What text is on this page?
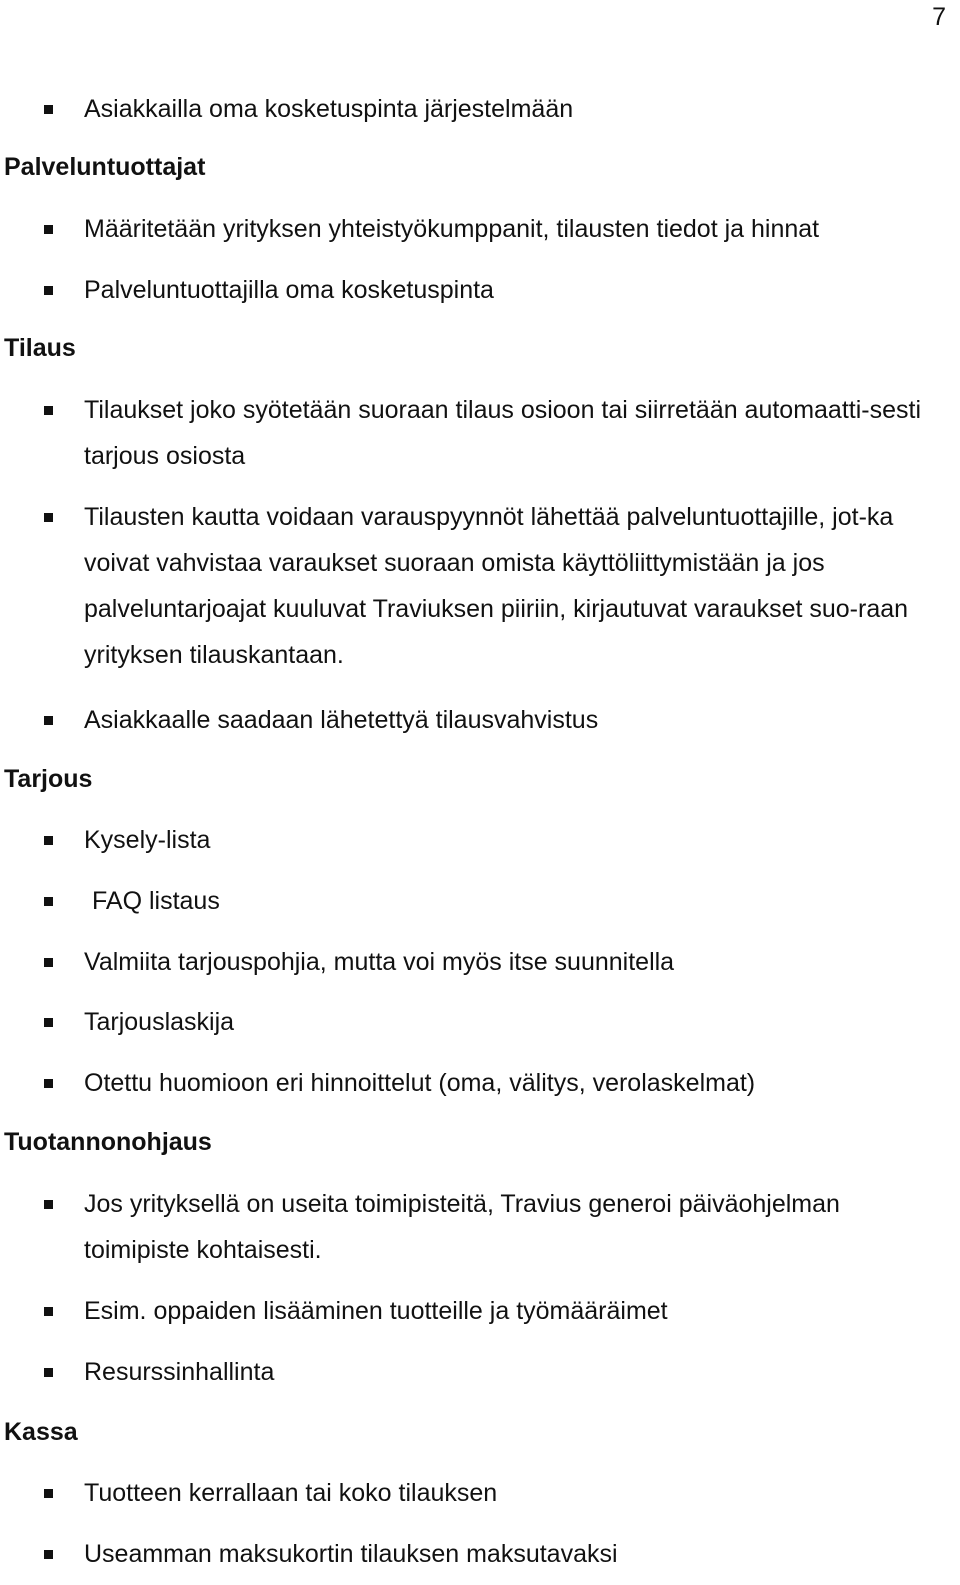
7
Asiakkailla oma kosketuspinta järjestelmään
Palveluntuottajat
Määritetään yrityksen yhteistyökumppanit, tilausten tiedot ja hinnat
Palveluntuottajilla oma kosketuspinta
Tilaus
Tilaukset joko syötetään suoraan tilaus osioon tai siirretään automaatti-sesti tarjous osiosta
Tilausten kautta voidaan varauspyynnöt lähettää palveluntuottajille, jot-ka voivat vahvistaa varaukset suoraan omista käyttöliittymistään ja jos palveluntarjoajat kuuluvat Traviuksen piiriin, kirjautuvat varaukset suo-raan yrityksen tilauskantaan.
Asiakkaalle saadaan lähetettyä tilausvahvistus
Tarjous
Kysely-lista
FAQ listaus
Valmiita tarjouspohjia, mutta voi myös itse suunnitella
Tarjouslaskija
Otettu huomioon eri hinnoittelut (oma, välitys, verolaskelmat)
Tuotannonohjaus
Jos yrityksellä on useita toimipisteitä, Travius generoi päiväohjelman toimipiste kohtaisesti.
Esim. oppaiden lisääminen tuotteille ja työmääräimet
Resurssinhallinta
Kassa
Tuotteen kerrallaan tai koko tilauksen
Useamman maksukortin tilauksen maksutavaksi
